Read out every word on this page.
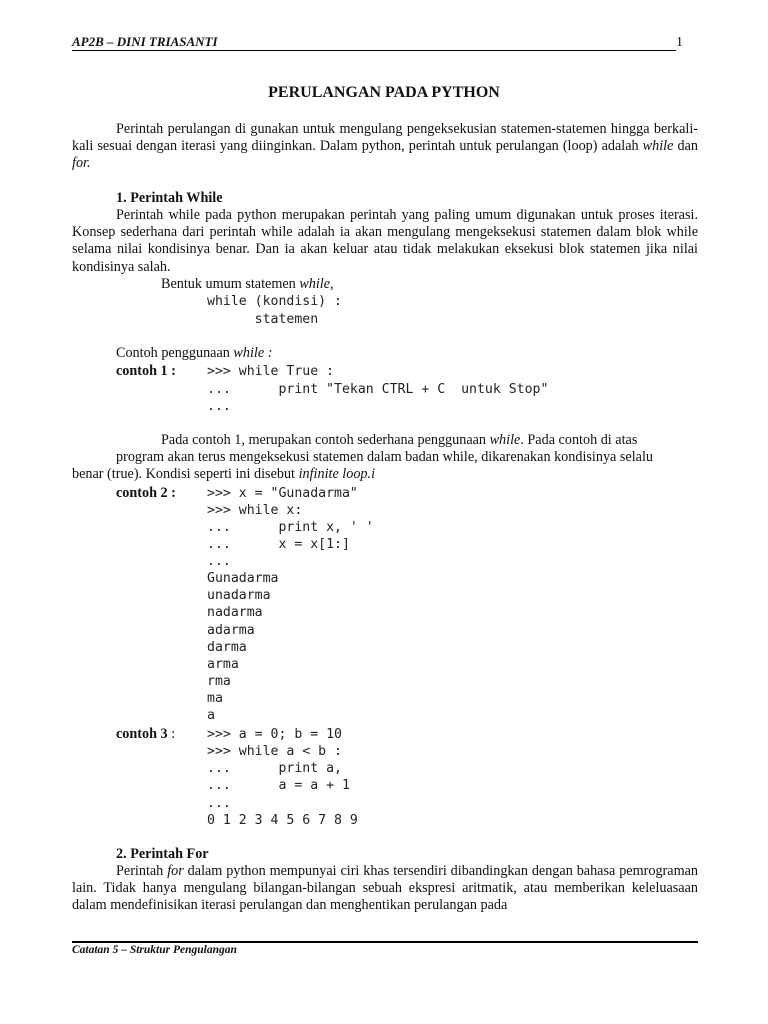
AP2B – DINI TRIASANTI	1
PERULANGAN PADA PYTHON
Perintah perulangan di gunakan untuk mengulang pengeksekusian statemen-statemen hingga berkali-kali sesuai dengan iterasi yang diinginkan. Dalam python, perintah untuk perulangan (loop) adalah while dan for.
1. Perintah While
Perintah while pada python merupakan perintah yang paling umum digunakan untuk proses iterasi. Konsep sederhana dari perintah while adalah ia akan mengulang mengeksekusi statemen dalam blok while selama nilai kondisinya benar. Dan ia akan keluar atau tidak melakukan eksekusi blok statemen jika nilai kondisinya salah.
Bentuk umum statemen while,
while (kondisi) :
statemen
Contoh penggunaan while :
contoh 1 : >>> while True :
...      print "Tekan CTRL + C  untuk Stop"
...
Pada contoh 1, merupakan contoh sederhana penggunaan while. Pada contoh di atas
program akan terus mengeksekusi statemen dalam badan while, dikarenakan kondisinya selalu
benar (true). Kondisi seperti ini disebut infinite loop.i
contoh 2 : >>> x = "Gunadarma"
>>> while x:
...      print x, ' '
...      x = x[1:]
...
Gunadarma
unadarma
nadarma
adarma
darma
arma
rma
ma
a
contoh 3 : >>> a = 0; b = 10
>>> while a < b :
...      print a,
...      a = a + 1
...
0 1 2 3 4 5 6 7 8 9
2. Perintah For
Perintah for dalam python mempunyai ciri khas tersendiri dibandingkan dengan bahasa pemrograman lain. Tidak hanya mengulang bilangan-bilangan sebuah ekspresi aritmatik, atau memberikan keleluasaan dalam mendefinisikan iterasi perulangan dan menghentikan perulangan pada
Catatan 5 – Struktur Pengulangan
